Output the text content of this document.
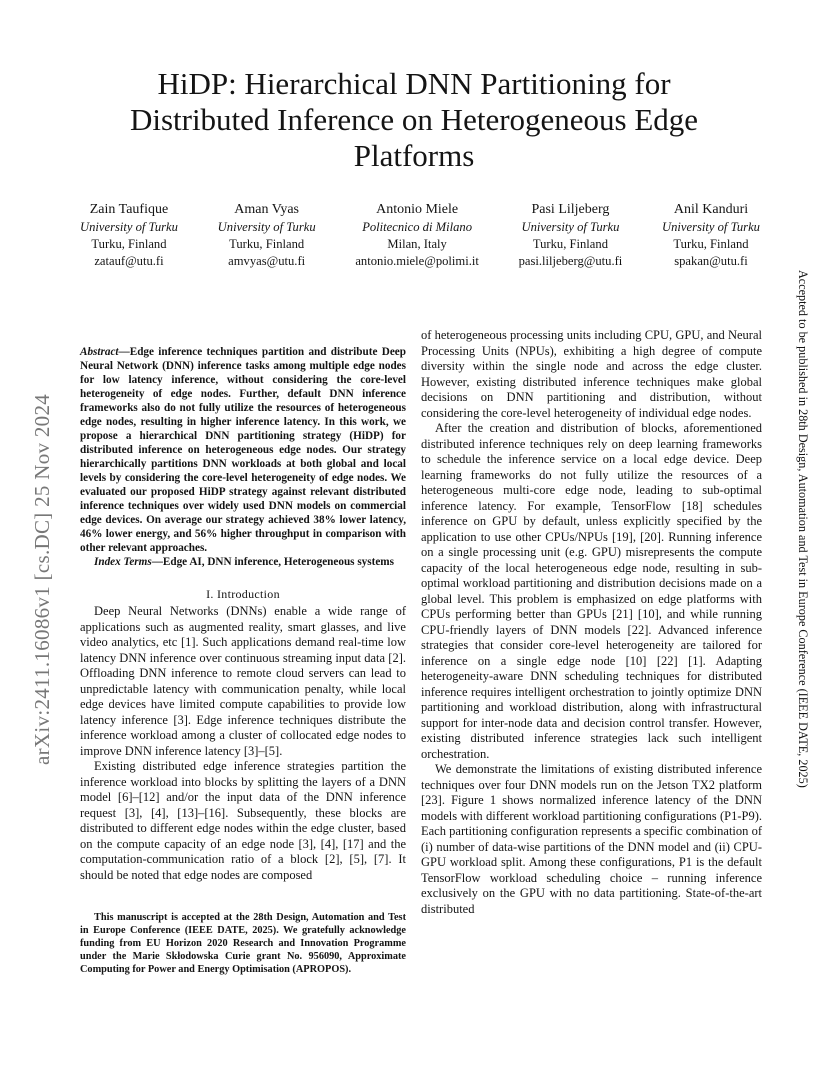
HiDP: Hierarchical DNN Partitioning for
Distributed Inference on Heterogeneous Edge
Platforms
Zain Taufique
University of Turku
Turku, Finland
zatauf@utu.fi
Aman Vyas
University of Turku
Turku, Finland
amvyas@utu.fi
Antonio Miele
Politecnico di Milano
Milan, Italy
antonio.miele@polimi.it
Pasi Liljeberg
University of Turku
Turku, Finland
pasi.liljeberg@utu.fi
Anil Kanduri
University of Turku
Turku, Finland
spakan@utu.fi
arXiv:2411.16086v1 [cs.DC] 25 Nov 2024	Accepted to be published in 28th Design, Automation and Test in Europe Conference (IEEE DATE, 2025)

Abstract—Edge inference techniques partition and distribute Deep Neural Network (DNN) inference tasks among multiple edge nodes for low latency inference, without considering the core-level heterogeneity of edge nodes. Further, default DNN inference frameworks also do not fully utilize the resources of heterogeneous edge nodes, resulting in higher inference latency. In this work, we propose a hierarchical DNN partitioning strategy (HiDP) for distributed inference on heterogeneous edge nodes. Our strategy hierarchically partitions DNN workloads at both global and local levels by considering the core-level heterogeneity of edge nodes. We evaluated our proposed HiDP strategy against relevant distributed inference techniques over widely used DNN models on commercial edge devices. On average our strategy achieved 38% lower latency, 46% lower energy, and 56% higher throughput in comparison with other relevant approaches.

Index Terms—Edge AI, DNN inference, Heterogeneous systems

I. Introduction

Deep Neural Networks (DNNs) enable a wide range of applications such as augmented reality, smart glasses, and live video analytics, etc [1]. Such applications demand real-time low latency DNN inference over continuous streaming input data [2]. Offloading DNN inference to remote cloud servers can lead to unpredictable latency with communication penalty, while local edge devices have limited compute capabilities to provide low latency inference [3]. Edge inference techniques distribute the inference workload among a cluster of collocated edge nodes to improve DNN inference latency [3]–[5].

Existing distributed edge inference strategies partition the inference workload into blocks by splitting the layers of a DNN model [6]–[12] and/or the input data of the DNN inference request [3], [4], [13]–[16]. Subsequently, these blocks are distributed to different edge nodes within the edge cluster, based on the compute capacity of an edge node [3], [4], [17] and the computation-communication ratio of a block [2], [5], [7]. It should be noted that edge nodes are composed

This manuscript is accepted at the 28th Design, Automation and Test in Europe Conference (IEEE DATE, 2025). We gratefully acknowledge funding from EU Horizon 2020 Research and Innovation Programme under the Marie Skłodowska Curie grant No. 956090, Approximate Computing for Power and Energy Optimisation (APROPOS).

of heterogeneous processing units including CPU, GPU, and Neural Processing Units (NPUs), exhibiting a high degree of compute diversity within the single node and across the edge cluster. However, existing distributed inference techniques make global decisions on DNN partitioning and distribution, without considering the core-level heterogeneity of individual edge nodes.

After the creation and distribution of blocks, aforementioned distributed inference techniques rely on deep learning frameworks to schedule the inference service on a local edge device. Deep learning frameworks do not fully utilize the resources of a heterogeneous multi-core edge node, leading to sub-optimal inference latency. For example, TensorFlow [18] schedules inference on GPU by default, unless explicitly specified by the application to use other CPUs/NPUs [19], [20]. Running inference on a single processing unit (e.g. GPU) misrepresents the compute capacity of the local heterogeneous edge node, resulting in sub-optimal workload partitioning and distribution decisions made on a global level. This problem is emphasized on edge platforms with CPUs performing better than GPUs [21] [10], and while running CPU-friendly layers of DNN models [22]. Advanced inference strategies that consider core-level heterogeneity are tailored for inference on a single edge node [10] [22] [1]. Adapting heterogeneity-aware DNN scheduling techniques for distributed inference requires intelligent orchestration to jointly optimize DNN partitioning and workload distribution, along with infrastructural support for inter-node data and decision control transfer. However, existing distributed inference strategies lack such intelligent orchestration.

We demonstrate the limitations of existing distributed inference techniques over four DNN models run on the Jetson TX2 platform [23]. Figure 1 shows normalized inference latency of the DNN models with different workload partitioning configurations (P1-P9). Each partitioning configuration represents a specific combination of (i) number of data-wise partitions of the DNN model and (ii) CPU-GPU workload split. Among these configurations, P1 is the default TensorFlow workload scheduling choice – running inference exclusively on the GPU with no data partitioning. State-of-the-art distributed
